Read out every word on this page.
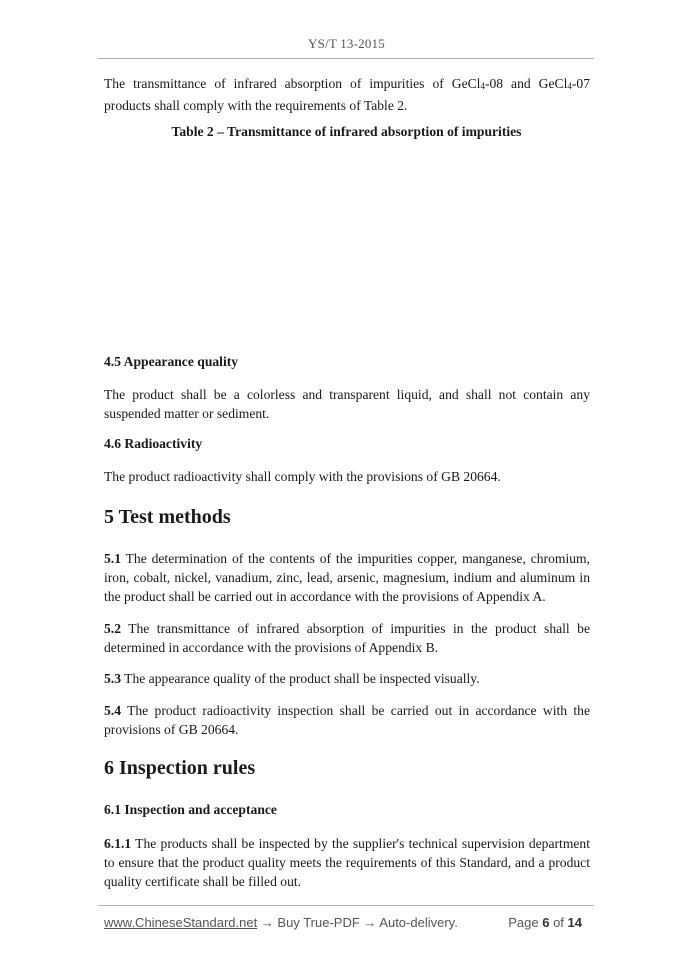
YS/T 13-2015

The transmittance of infrared absorption of impurities of GeCl4-08 and GeCl4-07 products shall comply with the requirements of Table 2.

Table 2 – Transmittance of infrared absorption of impurities
4.5 Appearance quality

The product shall be a colorless and transparent liquid, and shall not contain any suspended matter or sediment.

4.6 Radioactivity

The product radioactivity shall comply with the provisions of GB 20664.

5 Test methods

5.1 The determination of the contents of the impurities copper, manganese, chromium, iron, cobalt, nickel, vanadium, zinc, lead, arsenic, magnesium, indium and aluminum in the product shall be carried out in accordance with the provisions of Appendix A.

5.2 The transmittance of infrared absorption of impurities in the product shall be determined in accordance with the provisions of Appendix B.

5.3 The appearance quality of the product shall be inspected visually.

5.4 The product radioactivity inspection shall be carried out in accordance with the provisions of GB 20664.

6 Inspection rules
6.1 Inspection and acceptance

6.1.1 The products shall be inspected by the supplier's technical supervision department to ensure that the product quality meets the requirements of this Standard, and a product quality certificate shall be filled out.

www.ChineseStandard.net → Buy True-PDF → Auto-delivery.	Page 6 of 14
